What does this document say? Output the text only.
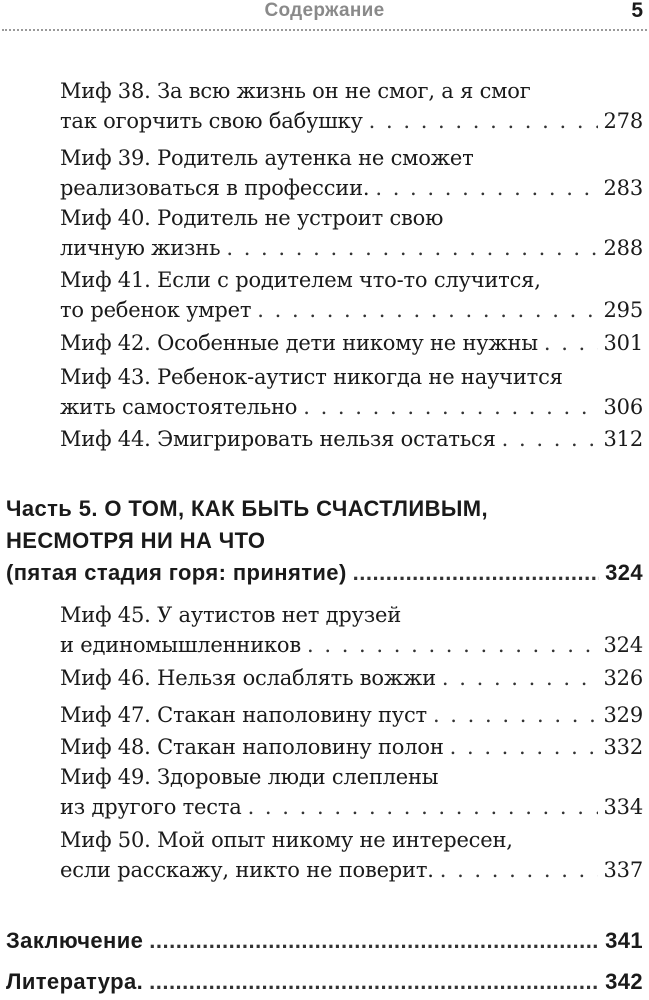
Содержание	5
Миф 38. За всю жизнь он не смог, а я смог
так огорчить свою бабушку . . .	278
Миф 39. Родитель аутенка не сможет
реализоваться в профессии. . . .	283
Миф 40. Родитель не устроит свою
личную жизнь . . .	288
Миф 41. Если с родителем что-то случится,
то ребенок умрет . . .	295
Миф 42. Особенные дети никому не нужны . . .	301
Миф 43. Ребенок-аутист никогда не научится
жить самостоятельно . . .	306
Миф 44. Эмигрировать нельзя остаться . . .	312
Часть 5. О ТОМ, КАК БЫТЬ СЧАСТЛИВЫМ,
НЕСМОТРЯ НИ НА ЧТО
(пятая стадия горя: принятие) .....	324
Миф 45. У аутистов нет друзей
и единомышленников . . .	324
Миф 46. Нельзя ослаблять вожжи . . .	326
Миф 47. Стакан наполовину пуст . . .	329
Миф 48. Стакан наполовину полон . . .	332
Миф 49. Здоровые люди слеплены
из другого теста . . .	334
Миф 50. Мой опыт никому не интересен,
если расскажу, никто не поверит. . . .	337
Заключение .....	341
Литература. .....	342
